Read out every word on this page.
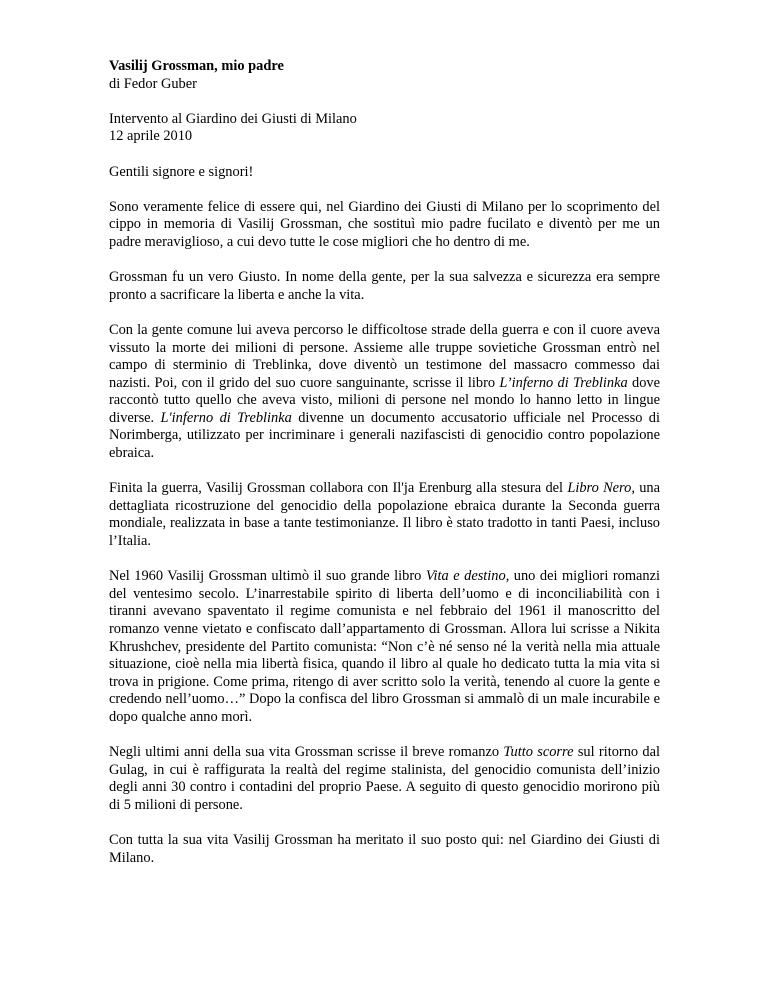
Vasilij Grossman, mio padre
di Fedor Guber
Intervento al Giardino dei Giusti di Milano
12 aprile 2010

Gentili signore e signori!

Sono veramente felice di essere qui, nel Giardino dei Giusti di Milano per lo scoprimento del cippo in memoria di Vasilij Grossman, che sostituì mio padre fucilato e diventò per me un padre meraviglioso, a cui devo tutte le cose migliori che ho dentro di me.

Grossman fu un vero Giusto. In nome della gente, per la sua salvezza e sicurezza era sempre pronto a sacrificare la liberta e anche la vita.

Con la gente comune lui aveva percorso le difficoltose strade della guerra e con il cuore aveva vissuto la morte dei milioni di persone. Assieme alle truppe sovietiche Grossman entrò nel campo di sterminio di Treblinka, dove diventò un testimone del massacro commesso dai nazisti. Poi, con il grido del suo cuore sanguinante, scrisse il libro L’inferno di Treblinka dove raccontò tutto quello che aveva visto, milioni di persone nel mondo lo hanno letto in lingue diverse. L'inferno di Treblinka divenne un documento accusatorio ufficiale nel Processo di Norimberga, utilizzato per incriminare i generali nazifascisti di genocidio contro popolazione ebraica.

Finita la guerra, Vasilij Grossman collabora con Il'ja Erenburg alla stesura del Libro Nero, una dettagliata ricostruzione del genocidio della popolazione ebraica durante la Seconda guerra mondiale, realizzata in base a tante testimonianze. Il libro è stato tradotto in tanti Paesi, incluso l’Italia.

Nel 1960 Vasilij Grossman ultimò il suo grande libro Vita e destino, uno dei migliori romanzi del ventesimo secolo. L’inarrestabile spirito di liberta dell’uomo e di inconciliabilità con i tiranni avevano spaventato il regime comunista e nel febbraio del 1961 il manoscritto del romanzo venne vietato e confiscato dall’appartamento di Grossman. Allora lui scrisse a Nikita Khrushchev, presidente del Partito comunista: “Non c’è né senso né la verità nella mia attuale situazione, cioè nella mia libertà fisica, quando il libro al quale ho dedicato tutta la mia vita si trova in prigione. Come prima, ritengo di aver scritto solo la verità, tenendo al cuore la gente e credendo nell’uomo…” Dopo la confisca del libro Grossman si ammalò di un male incurabile e dopo qualche anno morì.

Negli ultimi anni della sua vita Grossman scrisse il breve romanzo Tutto scorre sul ritorno dal Gulag, in cui è raffigurata la realtà del regime stalinista, del genocidio comunista dell’inizio degli anni 30 contro i contadini del proprio Paese. A seguito di questo genocidio morirono più di 5 milioni di persone.

Con tutta la sua vita Vasilij Grossman ha meritato il suo posto qui: nel Giardino dei Giusti di Milano.
